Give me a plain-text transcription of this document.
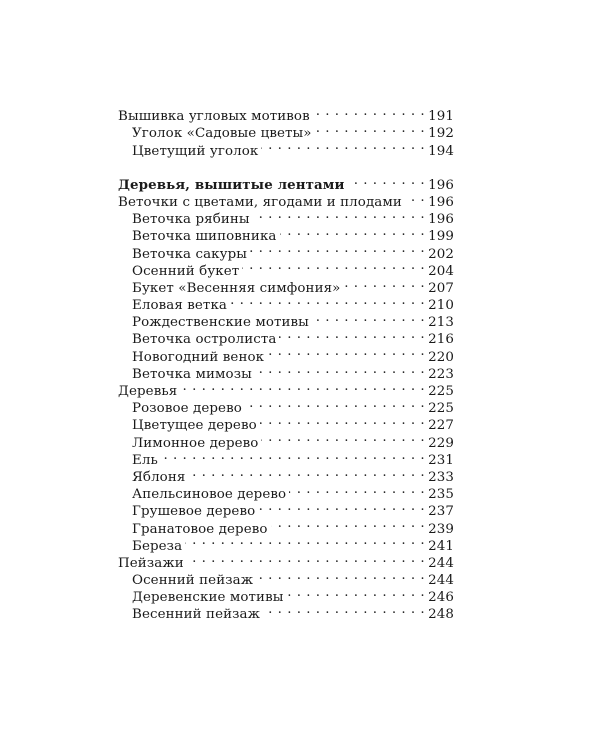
Вышивка угловых мотивов . . .	191
Уголок «Садовые цветы» . . .	192
Цветущий уголок . . .	194
Деревья, вышитые лентами . . .	196
Веточки с цветами, ягодами и плодами . . . 196
Веточка рябины . . .	196
Веточка шиповника . . .	199
Веточка сакуры . . .	202
Осенний букет . . .	204
Букет «Весенняя симфония» . . .	207
Еловая ветка . . .	210
Рождественские мотивы . . .	213
Веточка остролиста . . .	216
Новогодний венок . . .	220
Веточка мимозы . . .	223
Деревья . . .	225
Розовое дерево . . .	225
Цветущее дерево . . .	227
Лимонное дерево . . .	229
Ель . . .	231
Яблоня . . .	233
Апельсиновое дерево . . .	235
Грушевое дерево . . .	237
Гранатовое дерево . . .	239
Береза . . .	241
Пейзажи . . .	244
Осенний пейзаж . . .	244
Деревенские мотивы . . .	246
Весенний пейзаж . . .	248
